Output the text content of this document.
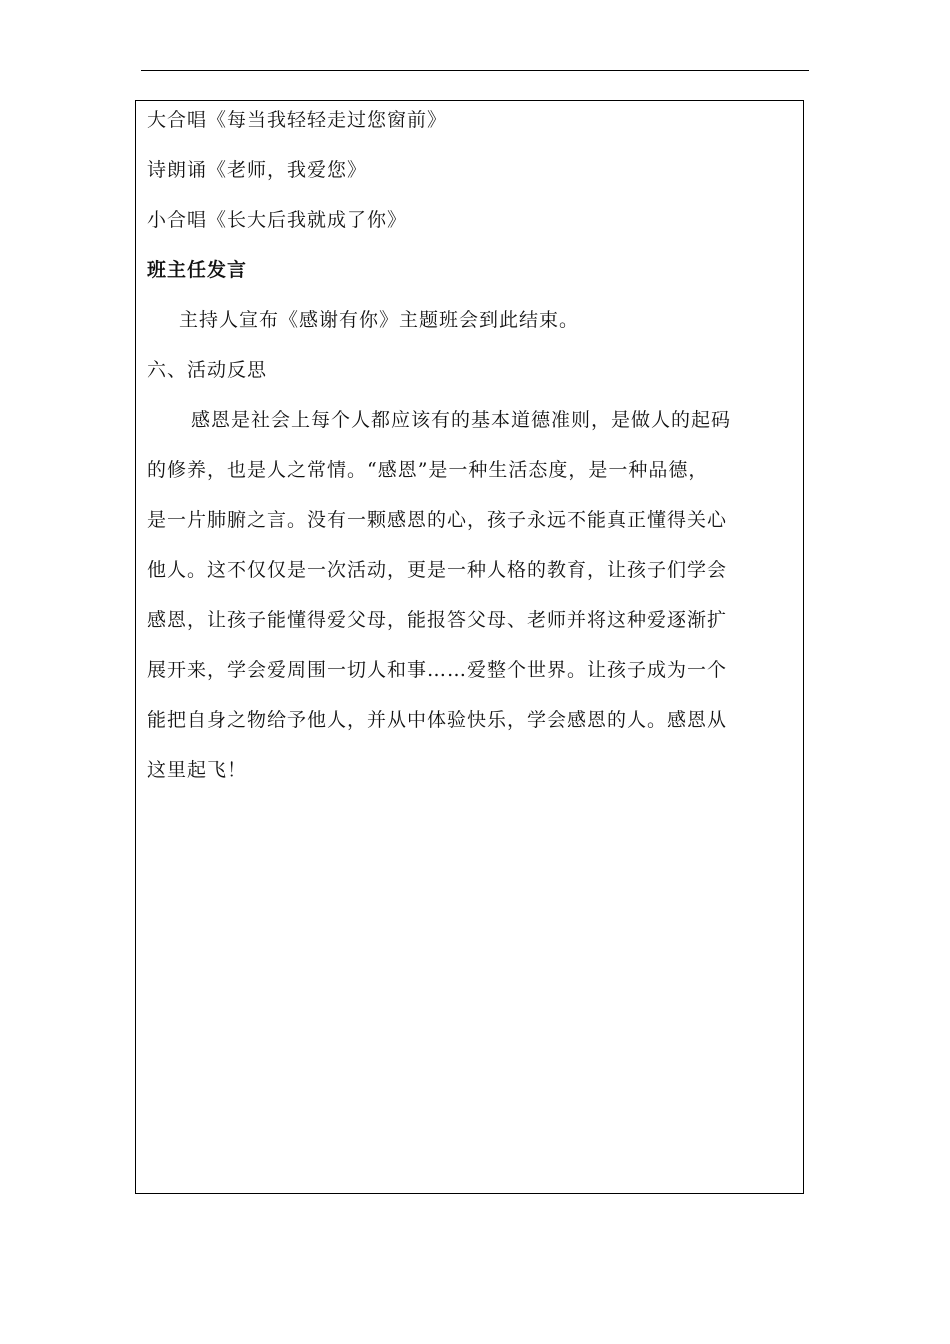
大合唱《每当我轻轻走过您窗前》
诗朗诵《老师，我爱您》
小合唱《长大后我就成了你》
班主任发言
主持人宣布《感谢有你》主题班会到此结束。
六、活动反思
感恩是社会上每个人都应该有的基本道德准则，是做人的起码
的修养，也是人之常情。“感恩”是一种生活态度，是一种品德，
是一片肺腑之言。没有一颗感恩的心，孩子永远不能真正懂得关心
他人。这不仅仅是一次活动，更是一种人格的教育，让孩子们学会
感恩，让孩子能懂得爱父母，能报答父母、老师并将这种爱逐渐扩
展开来，学会爱周围一切人和事……爱整个世界。让孩子成为一个
能把自身之物给予他人，并从中体验快乐，学会感恩的人。感恩从
这里起飞！
